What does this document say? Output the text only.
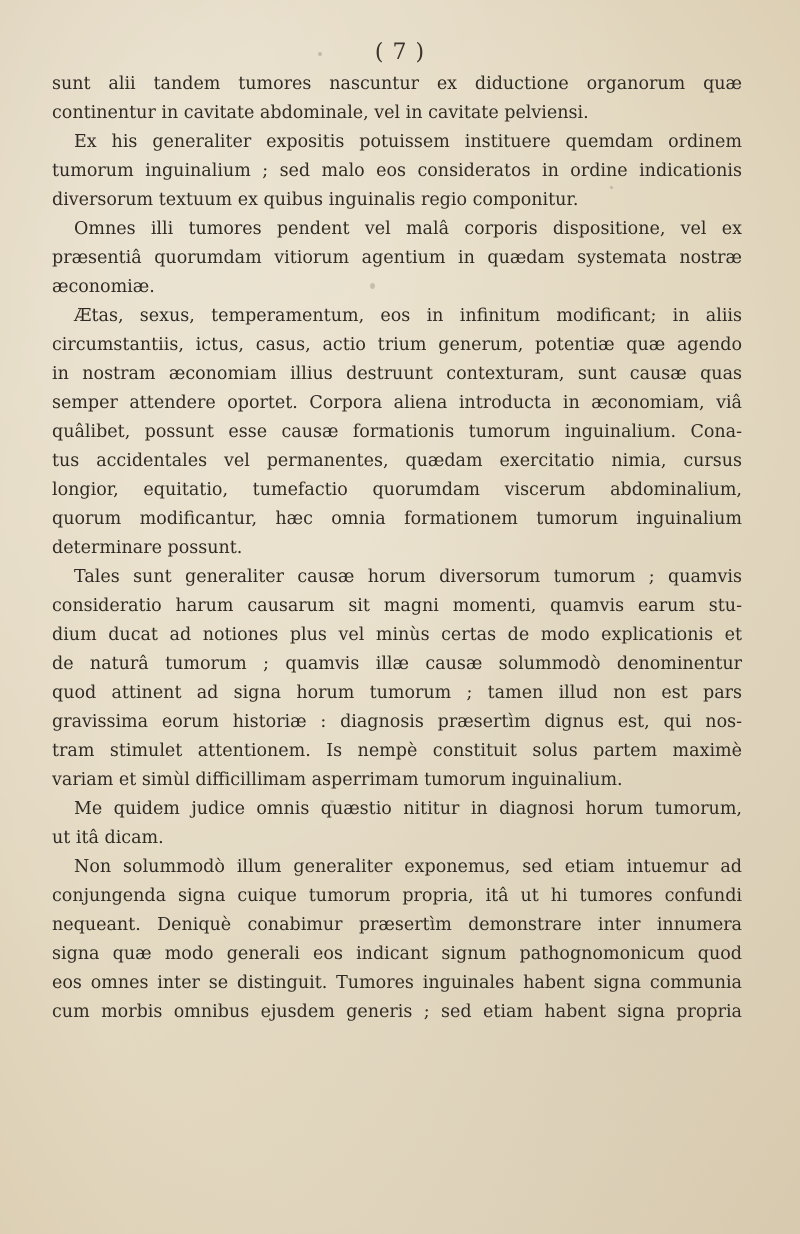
( 7 )
sunt alii tandem tumores nascuntur ex diductione organorum quæ
continentur in cavitate abdominale, vel in cavitate pelviensi.
Ex his generaliter expositis potuissem instituere quemdam ordinem
tumorum inguinalium ; sed malo eos consideratos in ordine indicationis
diversorum textuum ex quibus inguinalis regio componitur.
Omnes illi tumores pendent vel malâ corporis dispositione, vel ex
præsentiâ quorumdam vitiorum agentium in quædam systemata nostræ
æconomiæ.
Ætas, sexus, temperamentum, eos in infinitum modificant; in aliis
circumstantiis, ictus, casus, actio trium generum, potentiæ quæ agendo
in nostram æconomiam illius destruunt contexturam, sunt causæ quas
semper attendere oportet. Corpora aliena introducta in æconomiam, viâ
quâlibet, possunt esse causæ formationis tumorum inguinalium. Cona-
tus accidentales vel permanentes, quædam exercitatio nimia, cursus
longior, equitatio, tumefactio quorumdam viscerum abdominalium,
quorum modificantur, hæc omnia formationem tumorum inguinalium
determinare possunt.
Tales sunt generaliter causæ horum diversorum tumorum ; quamvis
consideratio harum causarum sit magni momenti, quamvis earum stu-
dium ducat ad notiones plus vel minùs certas de modo explicationis et
de naturâ tumorum ; quamvis illæ causæ solummodò denominentur
quod attinent ad signa horum tumorum ; tamen illud non est pars
gravissima eorum historiæ : diagnosis præsertìm dignus est, qui nos-
tram stimulet attentionem. Is nempè constituit solus partem maximè
variam et simùl difficillimam asperrimam tumorum inguinalium.
Me quidem judice omnis quæstio nititur in diagnosi horum tumorum,
ut itâ dicam.
Non solummodò illum generaliter exponemus, sed etiam intuemur ad
conjungenda signa cuique tumorum propria, itâ ut hi tumores confundi
nequeant. Deniquè conabimur præsertìm demonstrare inter innumera
signa quæ modo generali eos indicant signum pathognomonicum quod
eos omnes inter se distinguit. Tumores inguinales habent signa communia
cum morbis omnibus ejusdem generis ; sed etiam habent signa propria
